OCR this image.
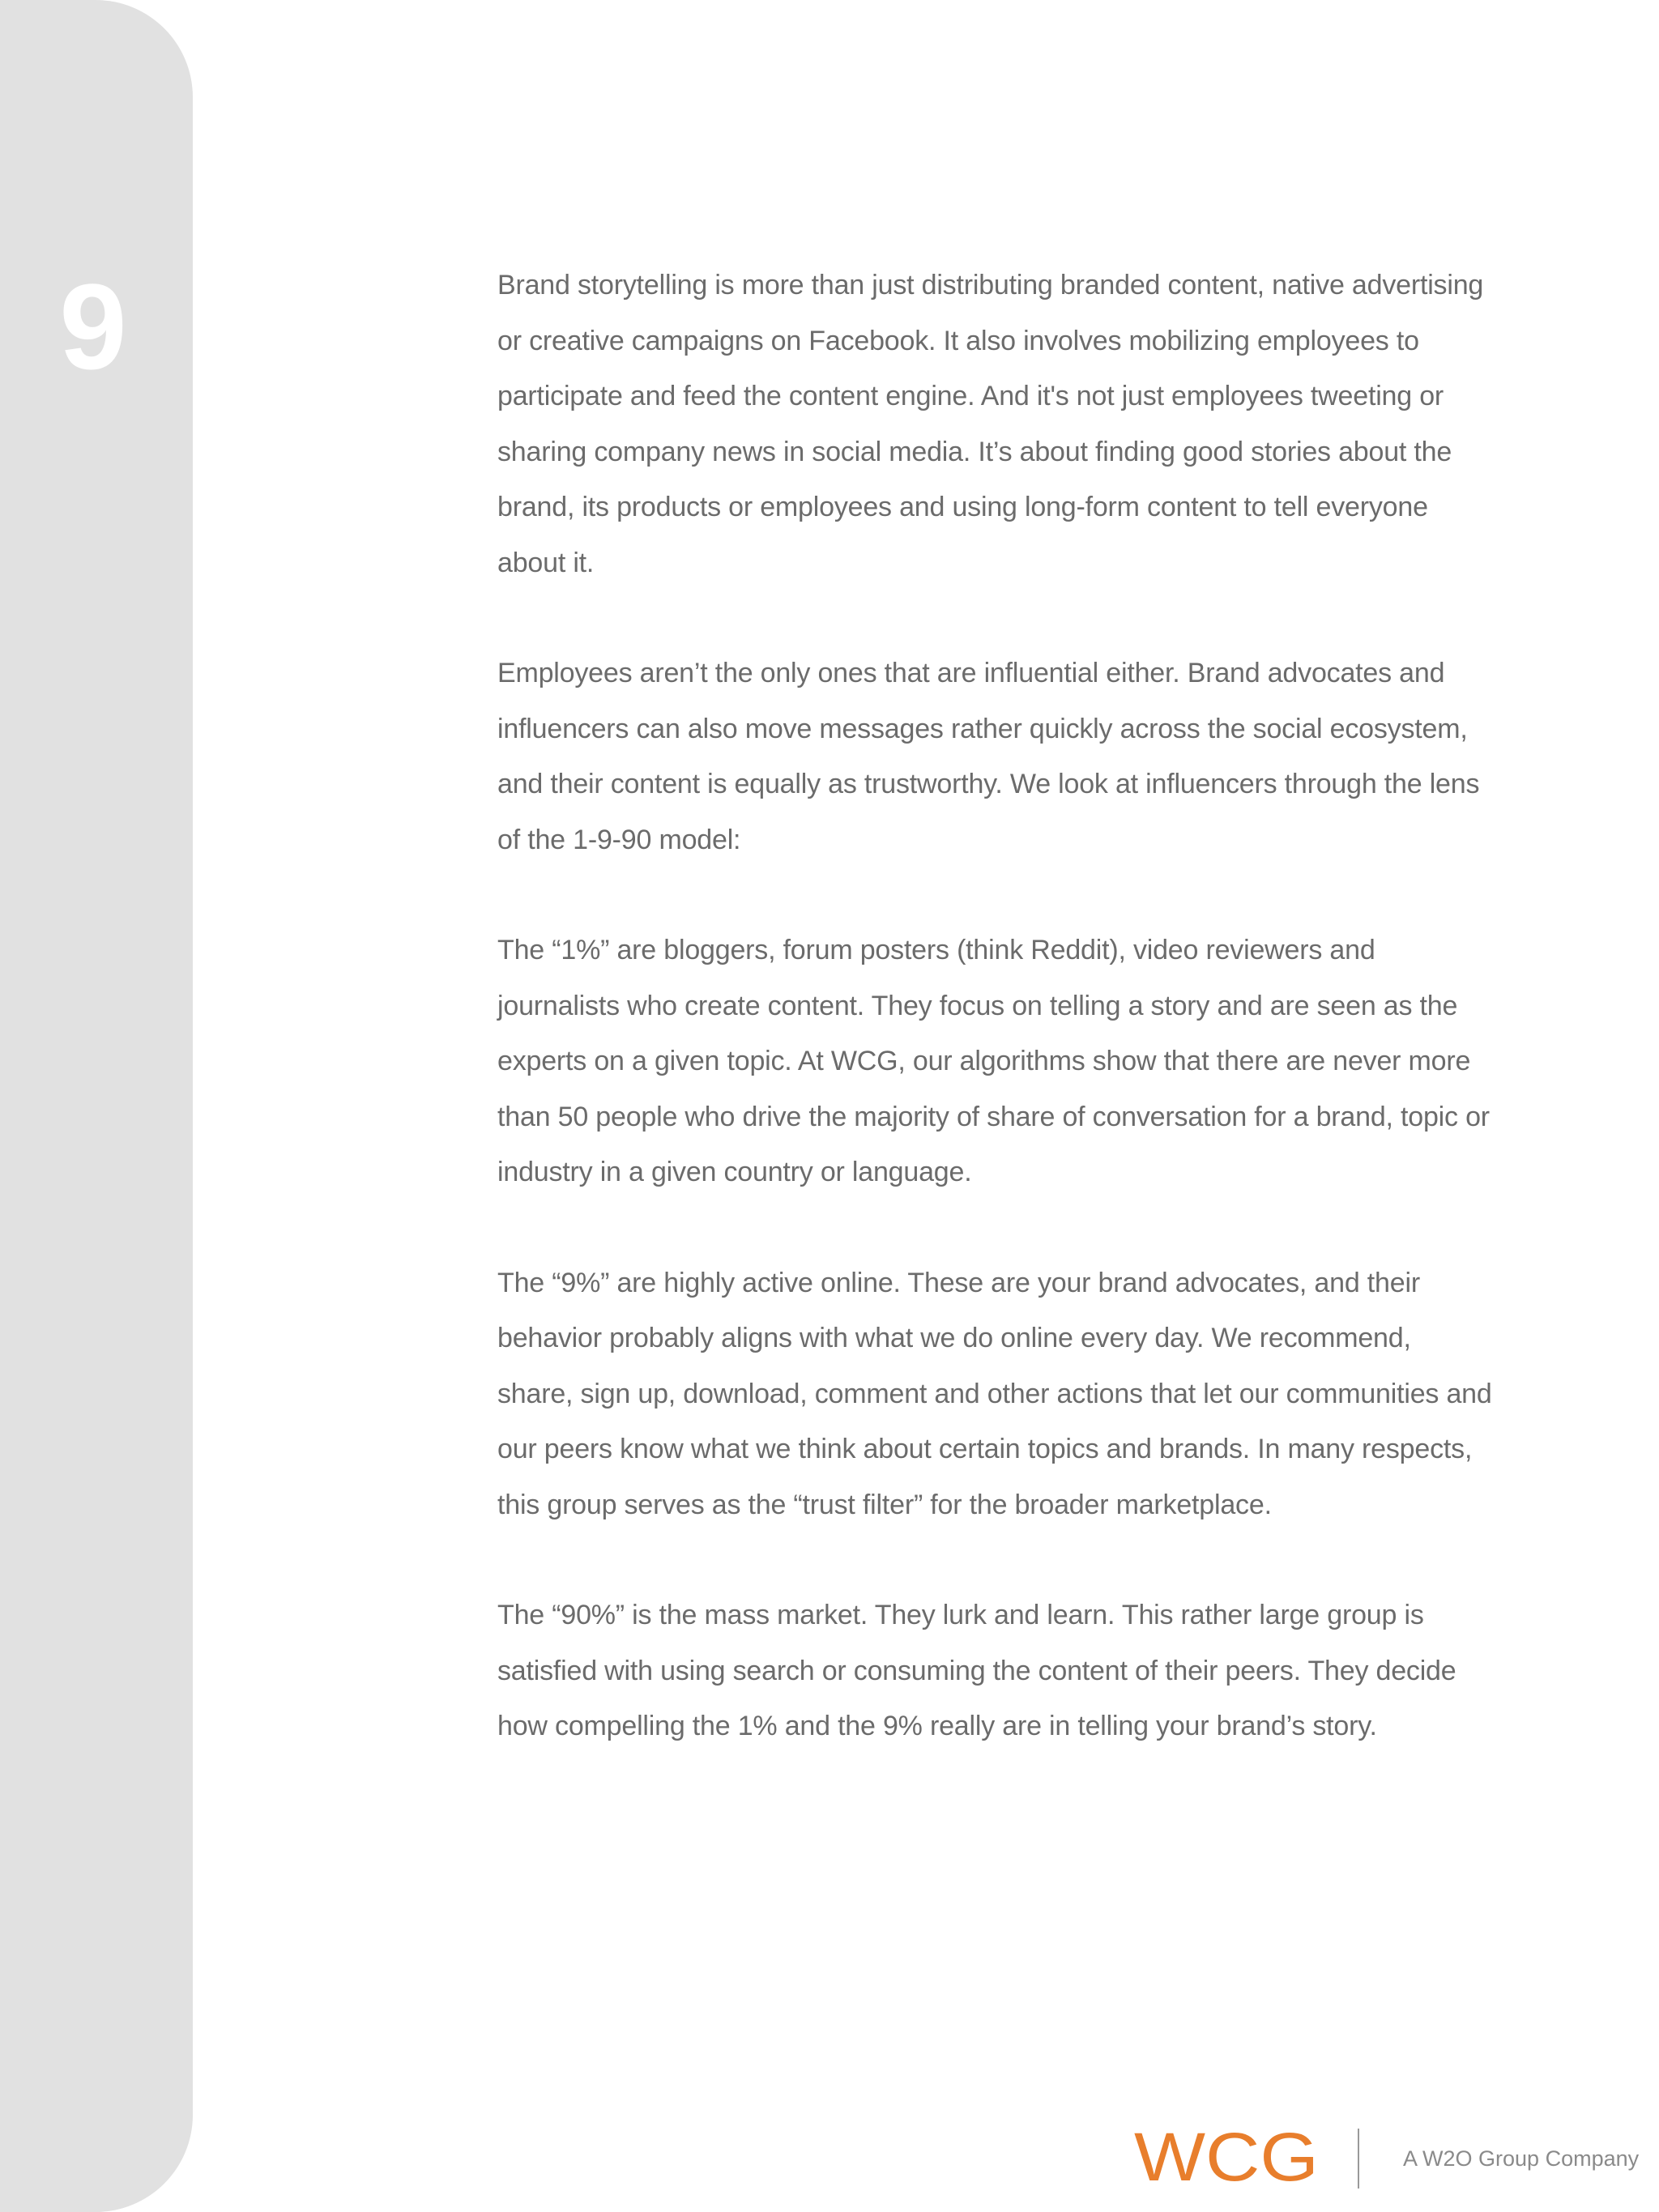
9	Brand storytelling is more than just distributing branded content, native advertising or creative campaigns on Facebook. It also involves mobilizing employees to participate and feed the content engine. And it's not just employees tweeting or sharing company news in social media. It’s about finding good stories about the brand, its products or employees and using long-form content to tell everyone about it.

Employees aren’t the only ones that are influential either. Brand advocates and influencers can also move messages rather quickly across the social ecosystem, and their content is equally as trustworthy. We look at influencers through the lens of the 1-9-90 model:

The “1%” are bloggers, forum posters (think Reddit), video reviewers and journalists who create content. They focus on telling a story and are seen as the experts on a given topic. At WCG, our algorithms show that there are never more than 50 people who drive the majority of share of conversation for a brand, topic or industry in a given country or language.

The “9%” are highly active online. These are your brand advocates, and their behavior probably aligns with what we do online every day. We recommend, share, sign up, download, comment and other actions that let our communities and our peers know what we think about certain topics and brands. In many respects, this group serves as the “trust filter” for the broader marketplace.

The “90%” is the mass market. They lurk and learn. This rather large group is satisfied with using search or consuming the content of their peers. They decide how compelling the 1% and the 9% really are in telling your brand’s story.

WCG	A W2O Group Company
